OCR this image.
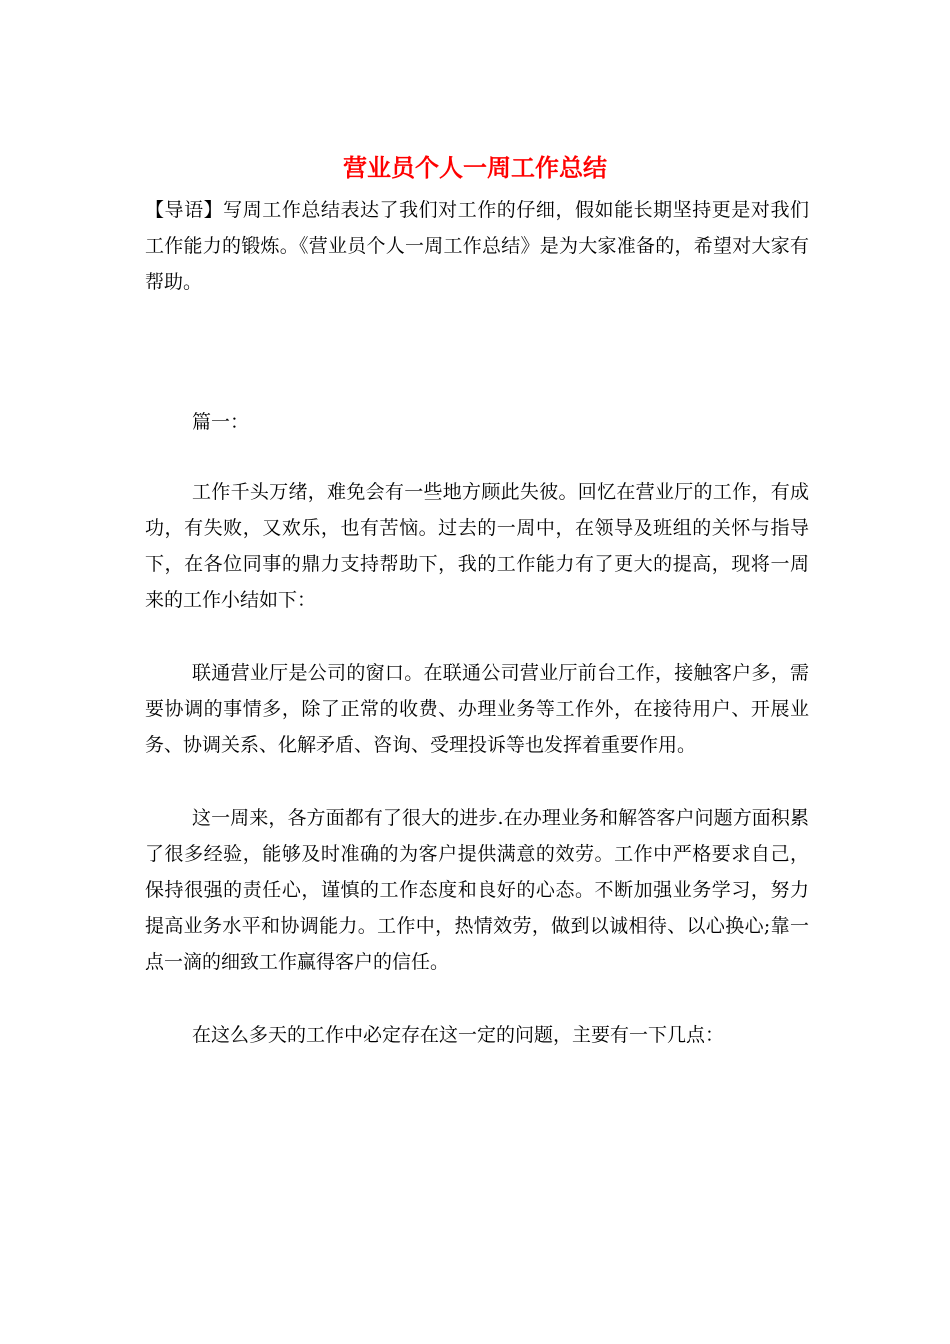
营业员个人一周工作总结

【导语】写周工作总结表达了我们对工作的仔细，假如能长期坚持更是对我们工作能力的锻炼。《营业员个人一周工作总结》是为大家准备的，希望对大家有帮助。

篇一：

工作千头万绪，难免会有一些地方顾此失彼。回忆在营业厅的工作，有成功，有失败，又欢乐，也有苦恼。过去的一周中，在领导及班组的关怀与指导下，在各位同事的鼎力支持帮助下，我的工作能力有了更大的提高，现将一周来的工作小结如下：

联通营业厅是公司的窗口。在联通公司营业厅前台工作，接触客户多，需要协调的事情多，除了正常的收费、办理业务等工作外，在接待用户、开展业务、协调关系、化解矛盾、咨询、受理投诉等也发挥着重要作用。

这一周来，各方面都有了很大的进步.在办理业务和解答客户问题方面积累了很多经验，能够及时准确的为客户提供满意的效劳。工作中严格要求自己，保持很强的责任心，谨慎的工作态度和良好的心态。不断加强业务学习，努力提高业务水平和协调能力。工作中，热情效劳，做到以诚相待、以心换心;靠一点一滴的细致工作赢得客户的信任。

在这么多天的工作中必定存在这一定的问题，主要有一下几点：
